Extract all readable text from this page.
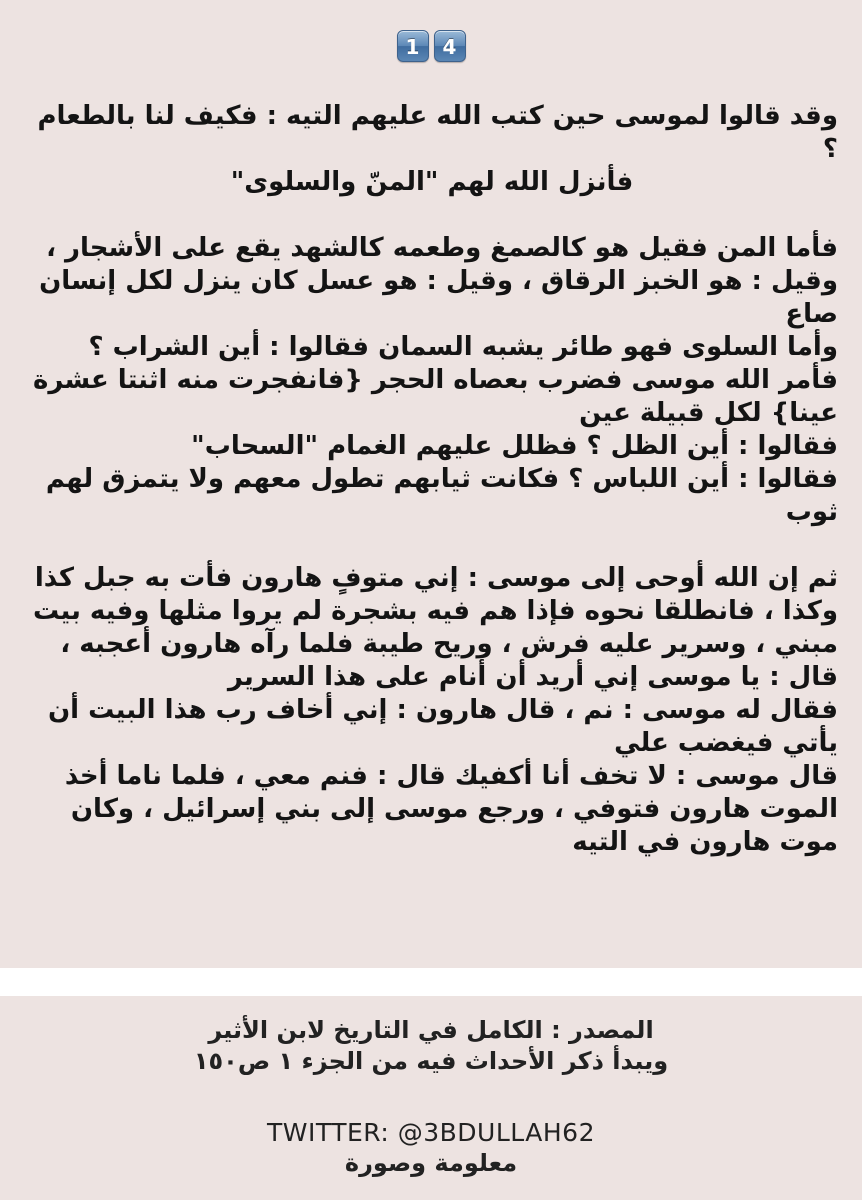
1	4

وقد قالوا لموسى حين كتب الله عليهم التيه : فكيف لنا بالطعام ؟

فأنزل الله لهم "المنّ والسلوى"

فأما المن فقيل هو كالصمغ وطعمه كالشهد يقع على الأشجار ، وقيل : هو الخبز الرقاق ، وقيل : هو عسل كان ينزل لكل إنسان صاع

وأما السلوى فهو طائر يشبه السمان فقالوا : أين الشراب ؟ فأمر الله موسى فضرب بعصاه الحجر {فانفجرت منه اثنتا عشرة عينا} لكل قبيلة عين

فقالوا : أين الظل ؟ فظلل عليهم الغمام "السحاب"

فقالوا : أين اللباس ؟ فكانت ثيابهم تطول معهم ولا يتمزق لهم ثوب

ثم إن الله أوحى إلى موسى : إني متوفٍ هارون فأت به جبل كذا وكذا ، فانطلقا نحوه فإذا هم فيه بشجرة لم يروا مثلها وفيه بيت مبني ، وسرير عليه فرش ، وريح طيبة فلما رآه هارون أعجبه ، قال : يا موسى إني أريد أن أنام على هذا السرير

فقال له موسى : نم ، قال هارون : إني أخاف رب هذا البيت أن يأتي فيغضب علي

قال موسى : لا تخف أنا أكفيك قال : فنم معي ، فلما ناما أخذ الموت هارون فتوفي ، ورجع موسى إلى بني إسرائيل ، وكان موت هارون في التيه

المصدر : الكامل في التاريخ لابن الأثير

ويبدأ ذكر الأحداث فيه من الجزء ١ ص١٥٠

TWITTER: @3BDULLAH62

معلومة وصورة
